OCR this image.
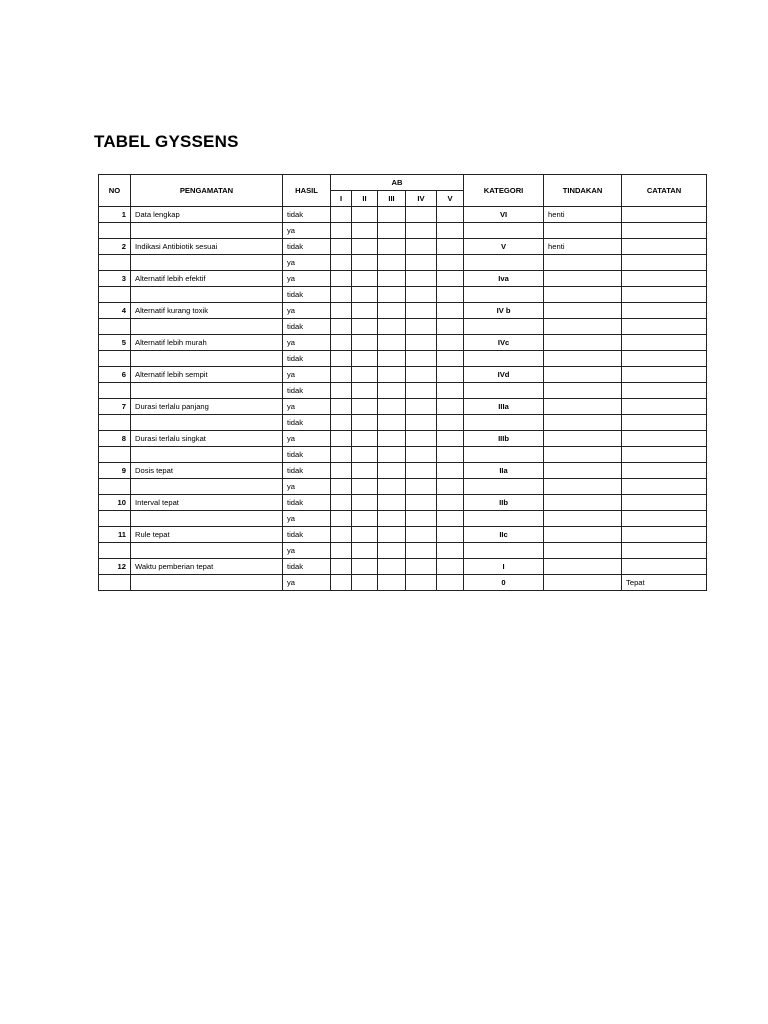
TABEL GYSSENS
NO	PENGAMATAN	HASIL	AB					KATEGORI	TINDAKAN	CATATAN
			I	II	III	IV	V			
1	Data lengkap	tidak						VI	henti	
		ya								
2	Indikasi Antibiotik sesuai	tidak						V	henti	
		ya								
3	Alternatif lebih efektif	ya						Iva		
		tidak								
4	Alternatif kurang toxik	ya						IV b		
		tidak								
5	Alternatif lebih murah	ya						IVc		
		tidak								
6	Alternatif lebih sempit	ya						IVd		
		tidak								
7	Durasi terlalu panjang	ya						IIIa		
		tidak								
8	Durasi terlalu singkat	ya						IIIb		
		tidak								
9	Dosis tepat	tidak						IIa		
		ya								
10	Interval tepat	tidak						IIb		
		ya								
11	Rule tepat	tidak						IIc		
		ya								
12	Waktu pemberian tepat	tidak						I		
		ya						0		Tepat
